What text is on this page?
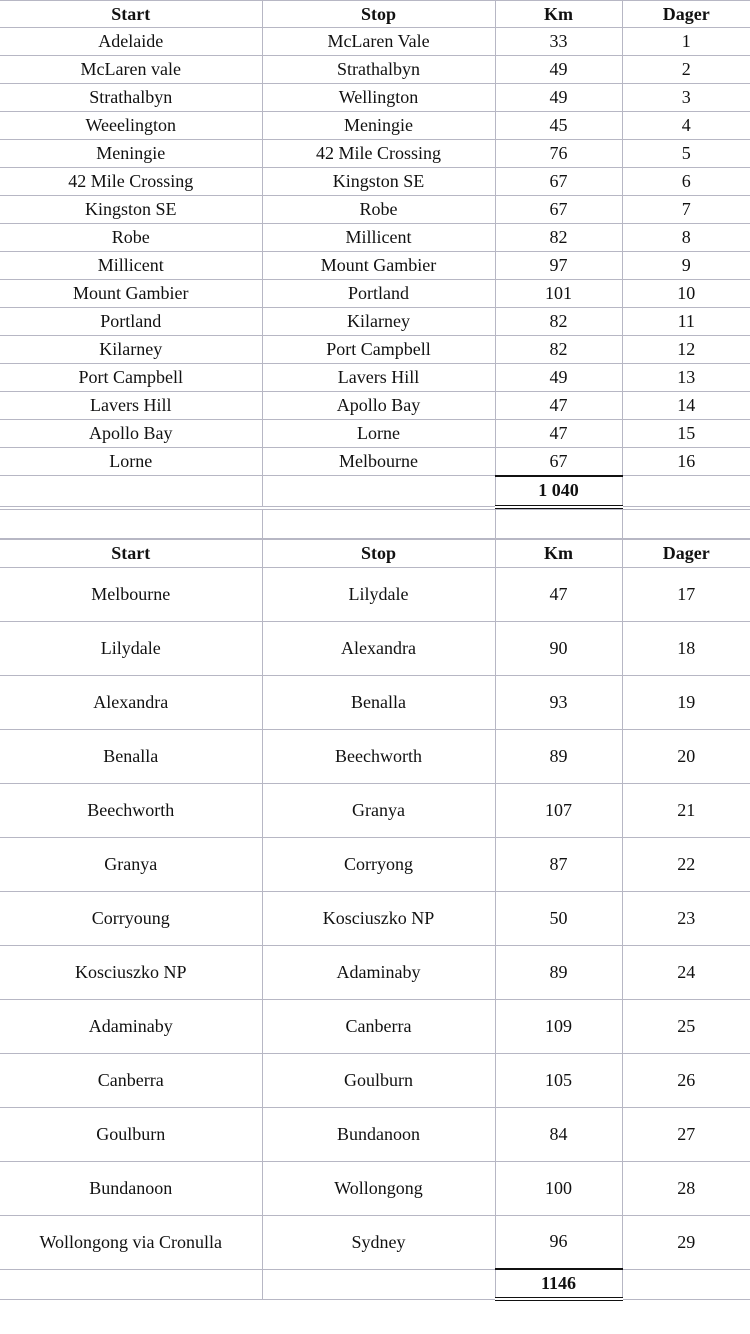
Start	Stop	Km	Dager
Adelaide	McLaren Vale	33	1
McLaren vale	Strathalbyn	49	2
Strathalbyn	Wellington	49	3
Weeelington	Meningie	45	4
Meningie	42 Mile Crossing	76	5
42 Mile Crossing	Kingston SE	67	6
Kingston SE	Robe	67	7
Robe	Millicent	82	8
Millicent	Mount Gambier	97	9
Mount Gambier	Portland	101	10
Portland	Kilarney	82	11
Kilarney	Port Campbell	82	12
Port Campbell	Lavers Hill	49	13
Lavers Hill	Apollo Bay	47	14
Apollo Bay	Lorne	47	15
Lorne	Melbourne	67	16
		1 040	

Start	Stop	Km	Dager
Melbourne	Lilydale	47	17
Lilydale	Alexandra	90	18
Alexandra	Benalla	93	19
Benalla	Beechworth	89	20
Beechworth	Granya	107	21
Granya	Corryong	87	22
Corryoung	Kosciuszko NP	50	23
Kosciuszko NP	Adaminaby	89	24
Adaminaby	Canberra	109	25
Canberra	Goulburn	105	26
Goulburn	Bundanoon	84	27
Bundanoon	Wollongong	100	28
Wollongong via Cronulla	Sydney	96	29
		1146	
